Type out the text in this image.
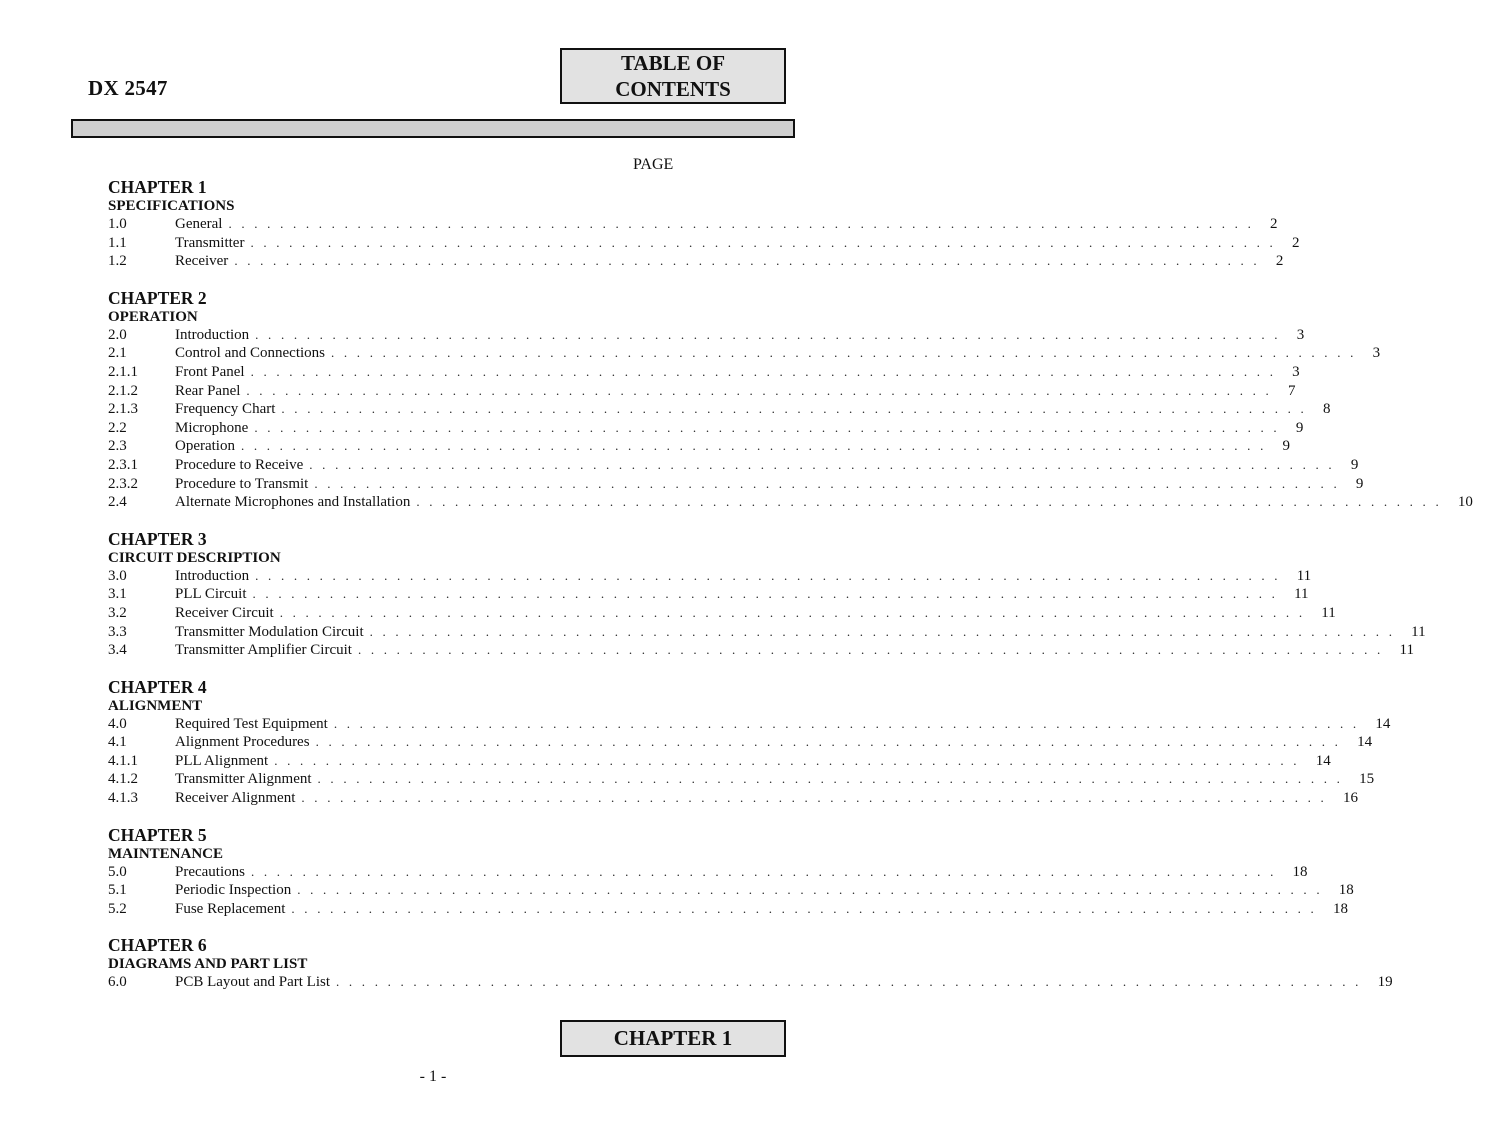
DX 2547
TABLE OF CONTENTS
PAGE
CHAPTER 1
SPECIFICATIONS
1.0	General . . . . . . . . . . . . . . . . . . . . . . . . . . . . . . . . . . . . . . . . . . . . . . . . . . . . . . . . . . . . . . . . . . . . . . . . . . . . . . . . 2
1.1	Transmitter . . . . . . . . . . . . . . . . . . . . . . . . . . . . . . . . . . . . . . . . . . . . . . . . . . . . . . . . . . . . . . . . . . . . . . . . . . . . . . . . 2
1.2	Receiver . . . . . . . . . . . . . . . . . . . . . . . . . . . . . . . . . . . . . . . . . . . . . . . . . . . . . . . . . . . . . . . . . . . . . . . . . . . . . . . . 2
CHAPTER 2
OPERATION
2.0	Introduction . . . . . . . . . . . . . . . . . . . . . . . . . . . . . . . . . . . . . . . . . . . . . . . . . . . . . . . . . . . . . . . . . . . . . . . . . . . . . . . . 3
2.1	Control and Connections . . . . . . . . . . . . . . . . . . . . . . . . . . . . . . . . . . . . . . . . . . . . . . . . . . . . . . . . . . . . . . . . . . . . . . . . . . . . . . . . 3
2.1.1	Front Panel . . . . . . . . . . . . . . . . . . . . . . . . . . . . . . . . . . . . . . . . . . . . . . . . . . . . . . . . . . . . . . . . . . . . . . . . . . . . . . . . 3
2.1.2	Rear Panel . . . . . . . . . . . . . . . . . . . . . . . . . . . . . . . . . . . . . . . . . . . . . . . . . . . . . . . . . . . . . . . . . . . . . . . . . . . . . . . . 7
2.1.3	Frequency Chart . . . . . . . . . . . . . . . . . . . . . . . . . . . . . . . . . . . . . . . . . . . . . . . . . . . . . . . . . . . . . . . . . . . . . . . . . . . . . . . . 8
2.2	Microphone . . . . . . . . . . . . . . . . . . . . . . . . . . . . . . . . . . . . . . . . . . . . . . . . . . . . . . . . . . . . . . . . . . . . . . . . . . . . . . . . 9
2.3	Operation . . . . . . . . . . . . . . . . . . . . . . . . . . . . . . . . . . . . . . . . . . . . . . . . . . . . . . . . . . . . . . . . . . . . . . . . . . . . . . . . 9
2.3.1	Procedure to Receive . . . . . . . . . . . . . . . . . . . . . . . . . . . . . . . . . . . . . . . . . . . . . . . . . . . . . . . . . . . . . . . . . . . . . . . . . . . . . . . . 9
2.3.2	Procedure to Transmit . . . . . . . . . . . . . . . . . . . . . . . . . . . . . . . . . . . . . . . . . . . . . . . . . . . . . . . . . . . . . . . . . . . . . . . . . . . . . . . . 9
2.4	Alternate Microphones and Installation . . . . . . . . . . . . . . . . . . . . . . . . . . . . . . . . . . . . . . . . . . . . . . . . . . . . . . . . . . . . . . . . . . . . . . . . . . . . . . . . 10
CHAPTER 3
CIRCUIT DESCRIPTION
3.0	Introduction . . . . . . . . . . . . . . . . . . . . . . . . . . . . . . . . . . . . . . . . . . . . . . . . . . . . . . . . . . . . . . . . . . . . . . . . . . . . . . . . 11
3.1	PLL Circuit . . . . . . . . . . . . . . . . . . . . . . . . . . . . . . . . . . . . . . . . . . . . . . . . . . . . . . . . . . . . . . . . . . . . . . . . . . . . . . . . 11
3.2	Receiver Circuit . . . . . . . . . . . . . . . . . . . . . . . . . . . . . . . . . . . . . . . . . . . . . . . . . . . . . . . . . . . . . . . . . . . . . . . . . . . . . . . . 11
3.3	Transmitter Modulation Circuit . . . . . . . . . . . . . . . . . . . . . . . . . . . . . . . . . . . . . . . . . . . . . . . . . . . . . . . . . . . . . . . . . . . . . . . . . . . . . . . . 11
3.4	Transmitter Amplifier Circuit . . . . . . . . . . . . . . . . . . . . . . . . . . . . . . . . . . . . . . . . . . . . . . . . . . . . . . . . . . . . . . . . . . . . . . . . . . . . . . . . 11
CHAPTER 4
ALIGNMENT
4.0	Required Test Equipment . . . . . . . . . . . . . . . . . . . . . . . . . . . . . . . . . . . . . . . . . . . . . . . . . . . . . . . . . . . . . . . . . . . . . . . . . . . . . . . . 14
4.1	Alignment Procedures . . . . . . . . . . . . . . . . . . . . . . . . . . . . . . . . . . . . . . . . . . . . . . . . . . . . . . . . . . . . . . . . . . . . . . . . . . . . . . . . 14
4.1.1	PLL Alignment . . . . . . . . . . . . . . . . . . . . . . . . . . . . . . . . . . . . . . . . . . . . . . . . . . . . . . . . . . . . . . . . . . . . . . . . . . . . . . . . 14
4.1.2	Transmitter Alignment . . . . . . . . . . . . . . . . . . . . . . . . . . . . . . . . . . . . . . . . . . . . . . . . . . . . . . . . . . . . . . . . . . . . . . . . . . . . . . . . 15
4.1.3	Receiver Alignment . . . . . . . . . . . . . . . . . . . . . . . . . . . . . . . . . . . . . . . . . . . . . . . . . . . . . . . . . . . . . . . . . . . . . . . . . . . . . . . . 16
CHAPTER 5
MAINTENANCE
5.0	Precautions . . . . . . . . . . . . . . . . . . . . . . . . . . . . . . . . . . . . . . . . . . . . . . . . . . . . . . . . . . . . . . . . . . . . . . . . . . . . . . . . 18
5.1	Periodic Inspection . . . . . . . . . . . . . . . . . . . . . . . . . . . . . . . . . . . . . . . . . . . . . . . . . . . . . . . . . . . . . . . . . . . . . . . . . . . . . . . . 18
5.2	Fuse Replacement . . . . . . . . . . . . . . . . . . . . . . . . . . . . . . . . . . . . . . . . . . . . . . . . . . . . . . . . . . . . . . . . . . . . . . . . . . . . . . . . 18
CHAPTER 6
DIAGRAMS AND PART LIST
6.0	PCB Layout and Part List . . . . . . . . . . . . . . . . . . . . . . . . . . . . . . . . . . . . . . . . . . . . . . . . . . . . . . . . . . . . . . . . . . . . . . . . . . . . . . . . 19
CHAPTER 1
- 1 -
